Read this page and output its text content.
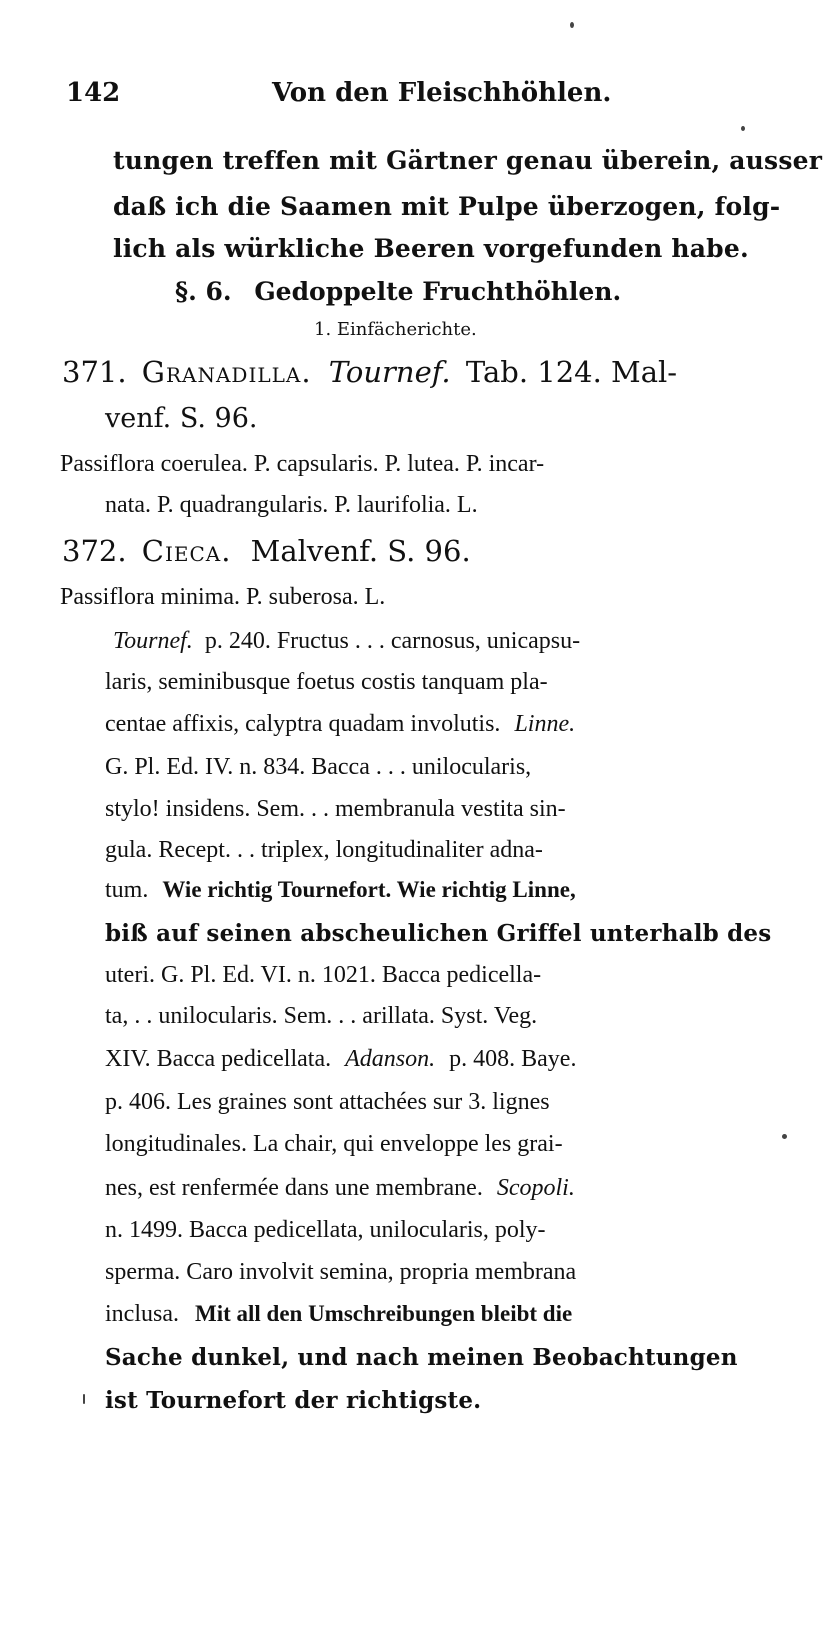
142	Von den Fleischhöhlen.
tungen treffen mit Gärtner genau überein, ausser
daß ich die Saamen mit Pulpe überzogen, folg-
lich als würkliche Beeren vorgefunden habe.
§. 6. Gedoppelte Fruchthöhlen.
1. Einfächerichte.
371. Granadilla. Tournef. Tab. 124. Mal-
venf. S. 96.
Passiflora coerulea. P. capsularis. P. lutea. P. incar-
nata. P. quadrangularis. P. laurifolia. L.
372. Cieca. Malvenf. S. 96.
Passiflora minima. P. suberosa. L.
Tournef. p. 240. Fructus . . . carnosus, unicapsu-
laris, seminibusque foetus costis tanquam pla-
centae affixis, calyptra quadam involutis. Linne.
G. Pl. Ed. IV. n. 834. Bacca . . . unilocularis,
stylo! insidens. Sem. . . membranula vestita sin-
gula. Recept. . . triplex, longitudinaliter adna-
tum. Wie richtig Tournefort. Wie richtig Linne,
biß auf seinen abscheulichen Griffel unterhalb des
uteri. G. Pl. Ed. VI. n. 1021. Bacca pedicella-
ta, . . unilocularis. Sem. . . arillata. Syst. Veg.
XIV. Bacca pedicellata. Adanson. p. 408. Baye.
p. 406. Les graines sont attachées sur 3. lignes
longitudinales. La chair, qui enveloppe les grai-
nes, est renfermée dans une membrane. Scopoli.
n. 1499. Bacca pedicellata, unilocularis, poly-
sperma. Caro involvit semina, propria membrana
inclusa. Mit all den Umschreibungen bleibt die
Sache dunkel, und nach meinen Beobachtungen
ist Tournefort der richtigste.
